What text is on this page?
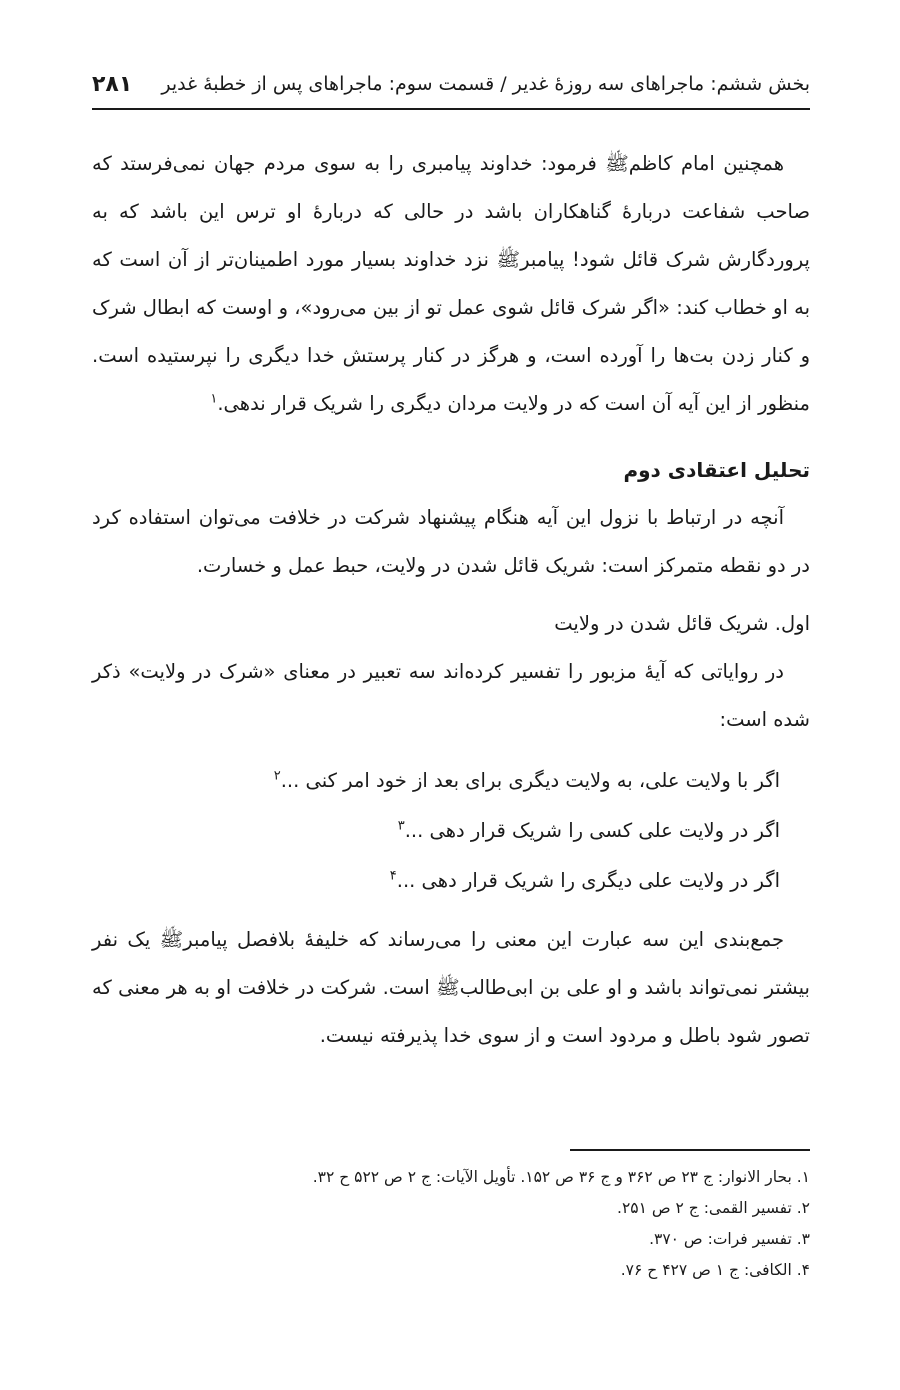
بخش ششم: ماجراهای سه روزۀ غدیر / قسمت سوم: ماجراهای پس از خطبۀ غدیر
۲۸۱

همچنین امام کاظم‌ﷺ فرمود: خداوند پیامبری را به سوی مردم جهان نمی‌فرستد که صاحب شفاعت دربارۀ گناهکاران باشد در حالی که دربارۀ او ترس این باشد که به پروردگارش شرک قائل شود! پیامبرﷺ نزد خداوند بسیار مورد اطمینان‌تر از آن است که به او خطاب کند: «اگر شرک قائل شوی عمل تو از بین می‌رود»، و اوست که ابطال شرک و کنار زدن بت‌ها را آورده است، و هرگز در کنار پرستش خدا دیگری را نپرستیده است. منظور از این آیه آن است که در ولایت مردان دیگری را شریک قرار ندهی.$^۱$

تحلیل اعتقادی دوم

آنچه در ارتباط با نزول این آیه هنگام پیشنهاد شرکت در خلافت می‌توان استفاده کرد در دو نقطه متمرکز است: شریک قائل شدن در ولایت، حبط عمل و خسارت.

اول. شریک قائل شدن در ولایت

در روایاتی که آیۀ مزبور را تفسیر کرده‌اند سه تعبیر در معنای «شرک در ولایت» ذکر شده است:

اگر با ولایت علی، به ولایت دیگری برای بعد از خود امر کنی ...$^۲$
اگر در ولایت علی کسی را شریک قرار دهی ...$^۳$
اگر در ولایت علی دیگری را شریک قرار دهی ...$^۴$

جمع‌بندی این سه عبارت این معنی را می‌رساند که خلیفۀ بلافصل پیامبرﷺ یک نفر بیشتر نمی‌تواند باشد و او علی بن ابی‌طالب‌ﷺ است. شرکت در خلافت او به هر معنی که تصور شود باطل و مردود است و از سوی خدا پذیرفته نیست.

۱. بحار الانوار: ج ۲۳ ص ۳۶۲ و ج ۳۶ ص ۱۵۲. تأویل الآیات: ج ۲ ص ۵۲۲ ح ۳۲.
۲. تفسیر القمی: ج ۲ ص ۲۵۱.
۳. تفسیر فرات: ص ۳۷۰.
۴. الکافی: ج ۱ ص ۴۲۷ ح ۷۶.
